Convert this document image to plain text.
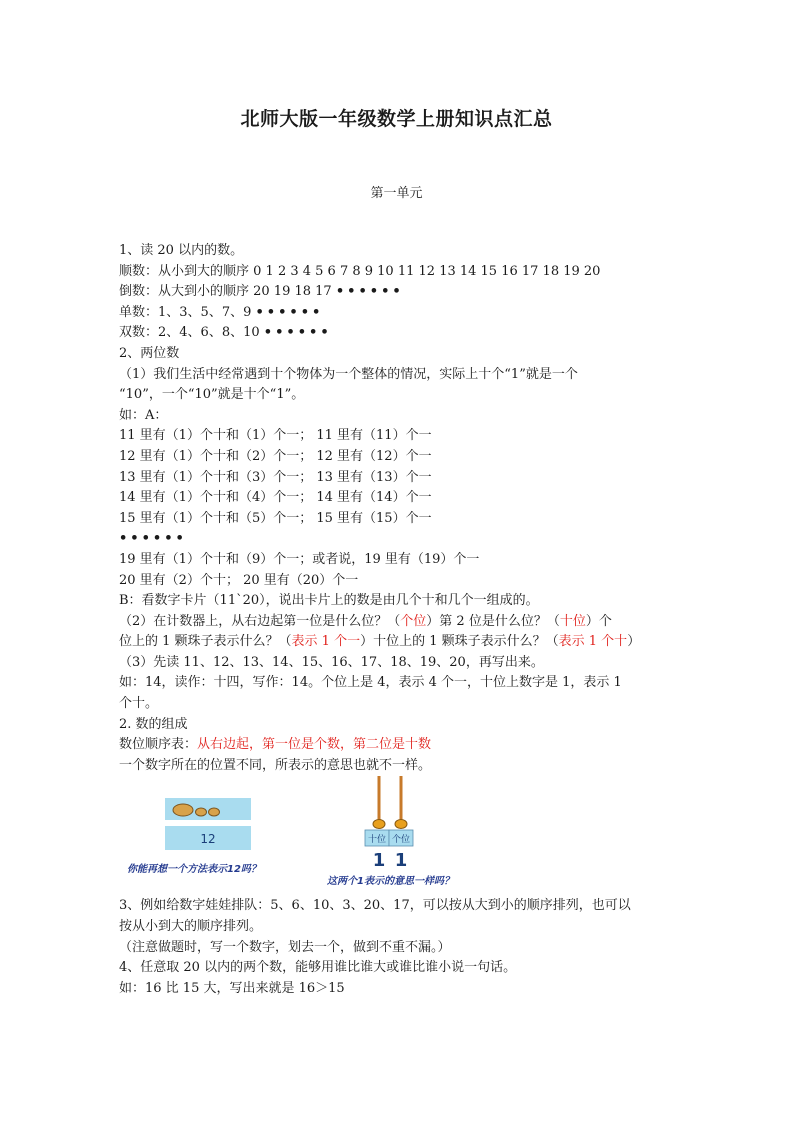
北师大版一年级数学上册知识点汇总
第一单元
1、读 20 以内的数。
顺数：从小到大的顺序 0 1 2 3 4 5 6 7 8 9 10 11 12 13 14 15 16 17 18 19 20
倒数：从大到小的顺序 20 19 18 17 ••••••
单数：1、3、5、7、9 ••••••
双数：2、4、6、8、10 ••••••
2、两位数
（1）我们生活中经常遇到十个物体为一个整体的情况，实际上十个“1”就是一个
“10”，一个“10”就是十个“1”。
如：A：
11 里有（1）个十和（1）个一； 11 里有（11）个一
12 里有（1）个十和（2）个一； 12 里有（12）个一
13 里有（1）个十和（3）个一； 13 里有（13）个一
14 里有（1）个十和（4）个一； 14 里有（14）个一
15 里有（1）个十和（5）个一； 15 里有（15）个一
••••••
19 里有（1）个十和（9）个一；或者说，19 里有（19）个一
20 里有（2）个十； 20 里有（20）个一
B：看数字卡片（11ˋ20），说出卡片上的数是由几个十和几个一组成的。
（2）在计数器上，从右边起第一位是什么位？（个位）第 2 位是什么位？（十位）个
位上的 1 颗珠子表示什么？（表示 1 个一）十位上的 1 颗珠子表示什么？（表示 1 个十）
（3）先读 11、12、13、14、15、16、17、18、19、20，再写出来。
如：14，读作：十四，写作：14。个位上是 4，表示 4 个一，十位上数字是 1，表示 1
个十。
2. 数的组成
数位顺序表：从右边起，第一位是个数，第二位是十数
一个数字所在的位置不同，所表示的意思也就不一样。
12
你能再想一个方法表示12吗？
十位 个位
1 1
这两个1表示的意思一样吗？
3、例如给数字娃娃排队：5、6、10、3、20、17，可以按从大到小的顺序排列，也可以
按从小到大的顺序排列。
（注意做题时，写一个数字，划去一个，做到不重不漏。）
4、任意取 20 以内的两个数，能够用谁比谁大或谁比谁小说一句话。
如：16 比 15 大，写出来就是 16＞15
